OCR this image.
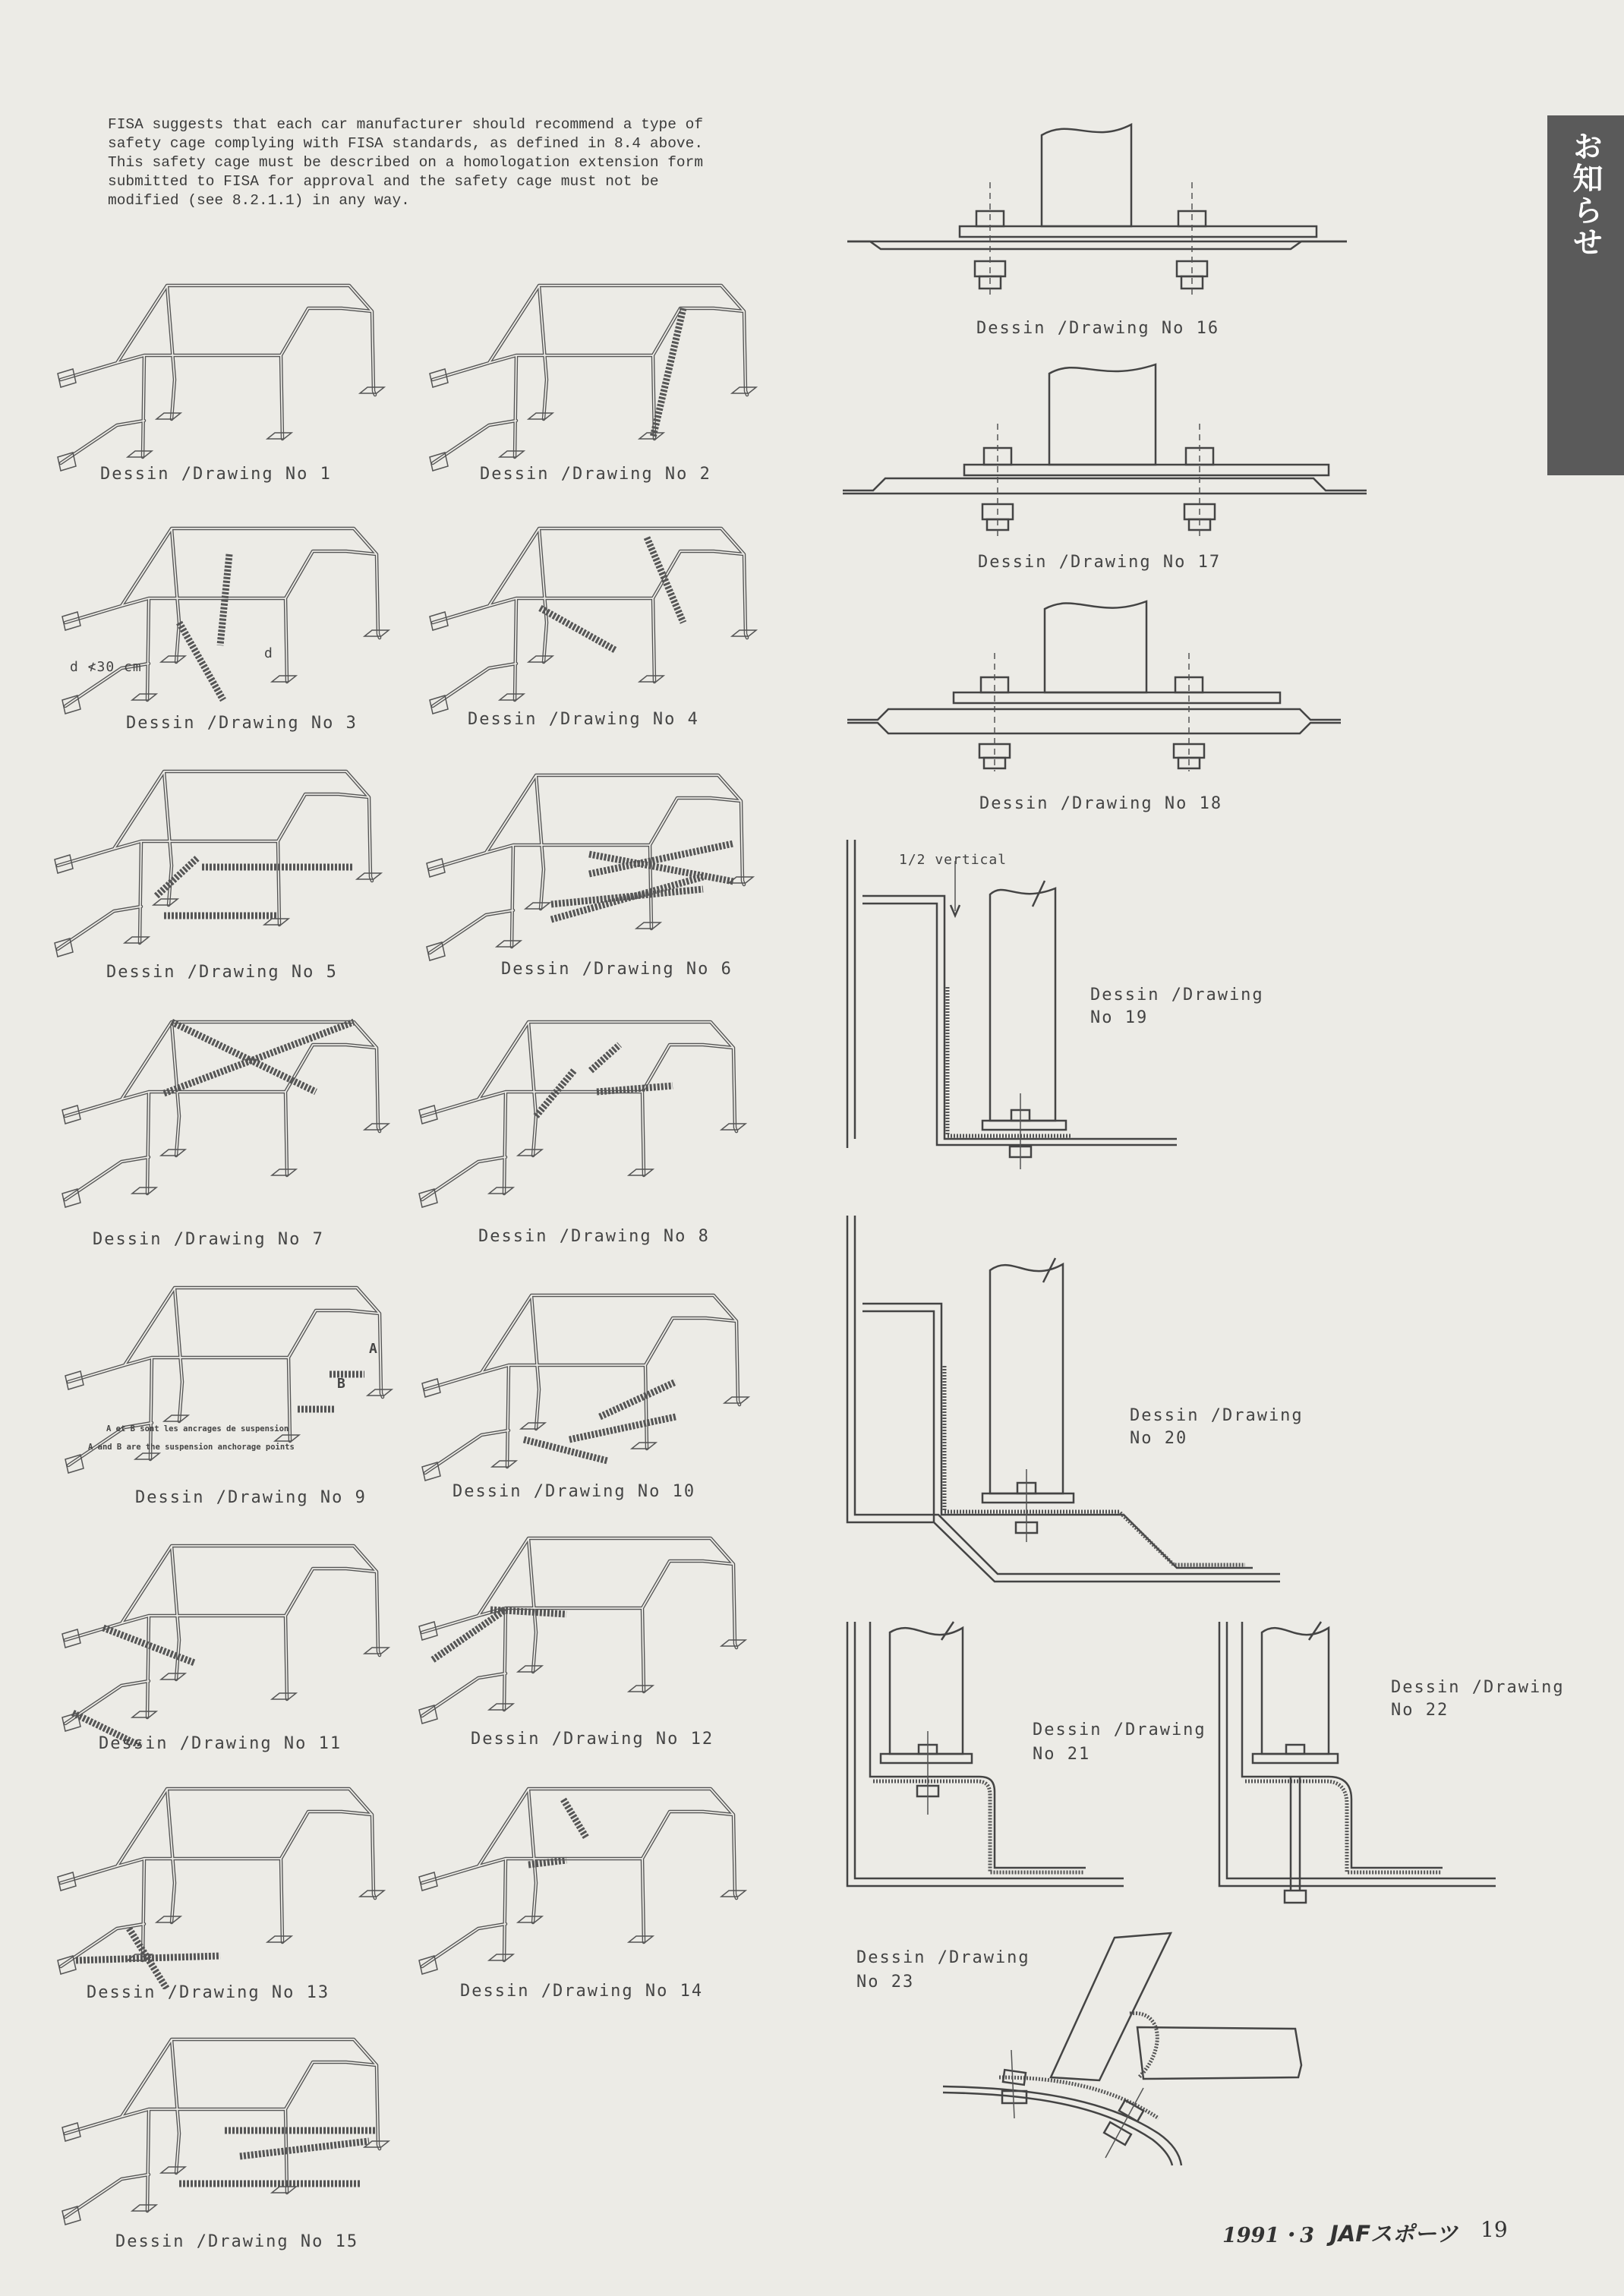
FISA suggests that each car manufacturer should recommend a type of
safety cage complying with FISA standards, as defined in 8.4 above.
This safety cage must be described on a homologation extension form
submitted to FISA for approval and the safety cage must not be
modified (see 8.2.1.1) in any way.	お知らせ
Dessin /Drawing No 1	Dessin /Drawing No 2
Dessin /Drawing No 3	Dessin /Drawing No 4
Dessin /Drawing No 5	Dessin /Drawing No 6
Dessin /Drawing No 7	Dessin /Drawing No 8
Dessin /Drawing No 9	Dessin /Drawing No 10
Dessin /Drawing No 11	Dessin /Drawing No 12
Dessin /Drawing No 13	Dessin /Drawing No 14
Dessin /Drawing No 15
d ≮30 cm
d
A
B
A et B sont les ancrages de suspension
A and B are the suspension anchorage points
Dessin /Drawing No 16
Dessin /Drawing No 17
Dessin /Drawing No 18
1/2 vertical
Dessin /Drawing
No 19
Dessin /Drawing
No 20
Dessin /Drawing
No 21
Dessin /Drawing
No 22
Dessin /Drawing
No 23
1991・3 JAFスポーツ 19
